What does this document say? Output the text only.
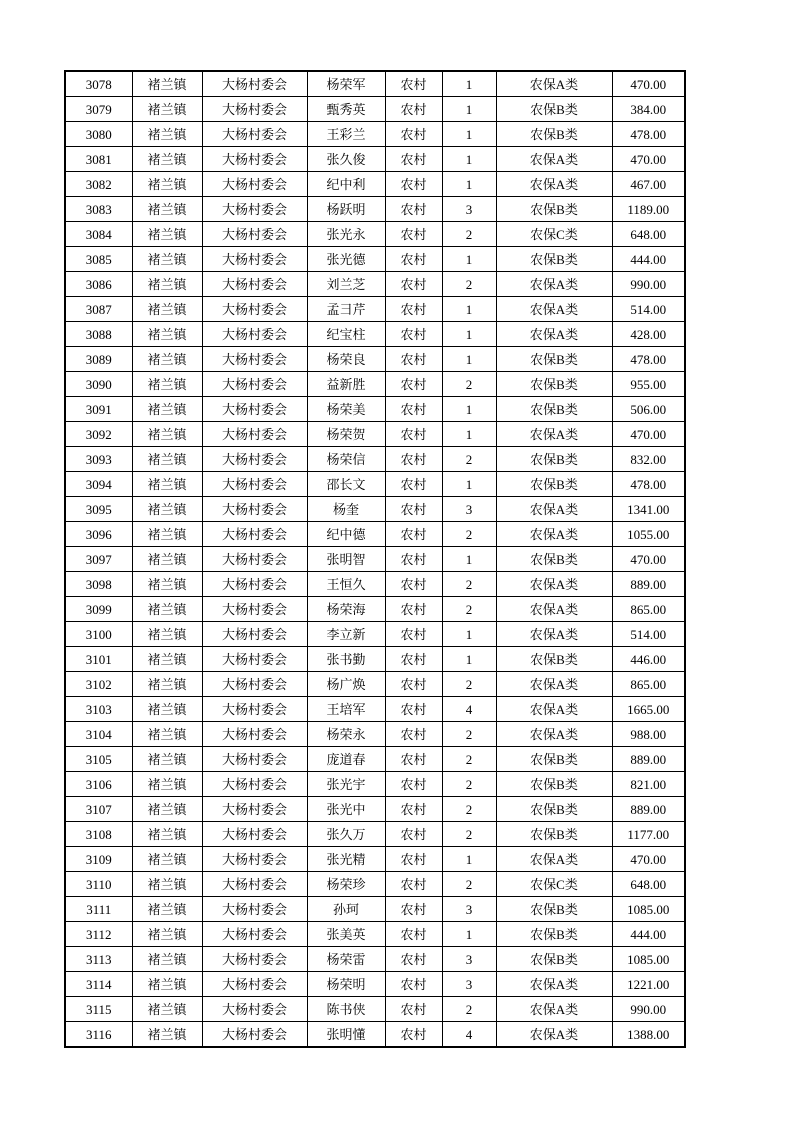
3078	褚兰镇	大杨村委会	杨荣军	农村	1	农保A类	470.00
3079	褚兰镇	大杨村委会	甄秀英	农村	1	农保B类	384.00
3080	褚兰镇	大杨村委会	王彩兰	农村	1	农保B类	478.00
3081	褚兰镇	大杨村委会	张久俊	农村	1	农保A类	470.00
3082	褚兰镇	大杨村委会	纪中利	农村	1	农保A类	467.00
3083	褚兰镇	大杨村委会	杨跃明	农村	3	农保B类	1189.00
3084	褚兰镇	大杨村委会	张光永	农村	2	农保C类	648.00
3085	褚兰镇	大杨村委会	张光德	农村	1	农保B类	444.00
3086	褚兰镇	大杨村委会	刘兰芝	农村	2	农保A类	990.00
3087	褚兰镇	大杨村委会	孟彐芹	农村	1	农保A类	514.00
3088	褚兰镇	大杨村委会	纪宝柱	农村	1	农保A类	428.00
3089	褚兰镇	大杨村委会	杨荣良	农村	1	农保B类	478.00
3090	褚兰镇	大杨村委会	益新胜	农村	2	农保B类	955.00
3091	褚兰镇	大杨村委会	杨荣美	农村	1	农保B类	506.00
3092	褚兰镇	大杨村委会	杨荣贺	农村	1	农保A类	470.00
3093	褚兰镇	大杨村委会	杨荣信	农村	2	农保B类	832.00
3094	褚兰镇	大杨村委会	邵长文	农村	1	农保B类	478.00
3095	褚兰镇	大杨村委会	杨奎	农村	3	农保A类	1341.00
3096	褚兰镇	大杨村委会	纪中德	农村	2	农保A类	1055.00
3097	褚兰镇	大杨村委会	张明智	农村	1	农保B类	470.00
3098	褚兰镇	大杨村委会	王恒久	农村	2	农保A类	889.00
3099	褚兰镇	大杨村委会	杨荣海	农村	2	农保A类	865.00
3100	褚兰镇	大杨村委会	李立新	农村	1	农保A类	514.00
3101	褚兰镇	大杨村委会	张书勤	农村	1	农保B类	446.00
3102	褚兰镇	大杨村委会	杨广焕	农村	2	农保A类	865.00
3103	褚兰镇	大杨村委会	王培军	农村	4	农保A类	1665.00
3104	褚兰镇	大杨村委会	杨荣永	农村	2	农保A类	988.00
3105	褚兰镇	大杨村委会	庞道春	农村	2	农保B类	889.00
3106	褚兰镇	大杨村委会	张光宇	农村	2	农保B类	821.00
3107	褚兰镇	大杨村委会	张光中	农村	2	农保B类	889.00
3108	褚兰镇	大杨村委会	张久万	农村	2	农保B类	1177.00
3109	褚兰镇	大杨村委会	张光精	农村	1	农保A类	470.00
3110	褚兰镇	大杨村委会	杨荣珍	农村	2	农保C类	648.00
3111	褚兰镇	大杨村委会	孙珂	农村	3	农保B类	1085.00
3112	褚兰镇	大杨村委会	张美英	农村	1	农保B类	444.00
3113	褚兰镇	大杨村委会	杨荣雷	农村	3	农保B类	1085.00
3114	褚兰镇	大杨村委会	杨荣明	农村	3	农保A类	1221.00
3115	褚兰镇	大杨村委会	陈书侠	农村	2	农保A类	990.00
3116	褚兰镇	大杨村委会	张明懂	农村	4	农保A类	1388.00
